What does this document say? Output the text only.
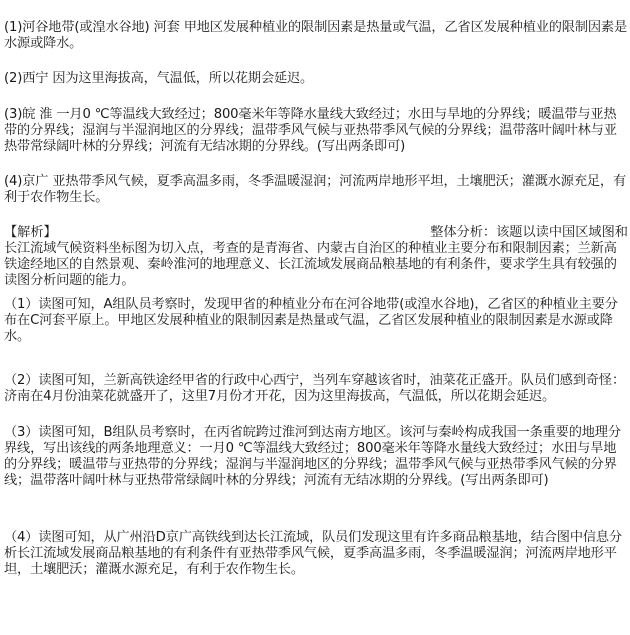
(1)河谷地带(或湟水谷地) 河套 甲地区发展种植业的限制因素是热量或气温，乙省区发展种植业的限制因素是水源或降水。

(2)西宁 因为这里海拔高，气温低，所以花期会延迟。

(3)皖 淮 一月0 ℃等温线大致经过；800毫米年等降水量线大致经过；水田与旱地的分界线；暖温带与亚热带的分界线；湿润与半湿润地区的分界线；温带季风气候与亚热带季风气候的分界线；温带落叶阔叶林与亚热带常绿阔叶林的分界线；河流有无结冰期的分界线。(写出两条即可)

(4)京广 亚热带季风气候，夏季高温多雨，冬季温暖湿润；河流两岸地形平坦，土壤肥沃；灌溉水源充足，有利于农作物生长。

【解析】	整体分析：该题以读中国区域图和

长江流域气候资料坐标图为切入点，考查的是青海省、内蒙古自治区的种植业主要分布和限制因素；兰新高铁途经地区的自然景观、秦岭淮河的地理意义、长江流域发展商品粮基地的有利条件，要求学生具有较强的读图分析问题的能力。

（1）读图可知，A组队员考察时，发现甲省的种植业分布在河谷地带(或湟水谷地)，乙省区的种植业主要分布在C河套平原上。甲地区发展种植业的限制因素是热量或气温，乙省区发展种植业的限制因素是水源或降水。

（2）读图可知，兰新高铁途经甲省的行政中心西宁，当列车穿越该省时，油菜花正盛开。队员们感到奇怪：济南在4月份油菜花就盛开了，这里7月份才开花，因为这里海拔高，气温低，所以花期会延迟。

（3）读图可知，B组队员考察时，在丙省皖跨过淮河到达南方地区。该河与秦岭构成我国一条重要的地理分界线，写出该线的两条地理意义：一月0 ℃等温线大致经过；800毫米年等降水量线大致经过；水田与旱地的分界线；暖温带与亚热带的分界线；湿润与半湿润地区的分界线；温带季风气候与亚热带季风气候的分界线；温带落叶阔叶林与亚热带常绿阔叶林的分界线；河流有无结冰期的分界线。(写出两条即可)

（4）读图可知，从广州沿D京广高铁线到达长江流域，队员们发现这里有许多商品粮基地，结合图中信息分析长江流域发展商品粮基地的有利条件有亚热带季风气候，夏季高温多雨，冬季温暖湿润；河流两岸地形平坦，土壤肥沃；灌溉水源充足，有利于农作物生长。
